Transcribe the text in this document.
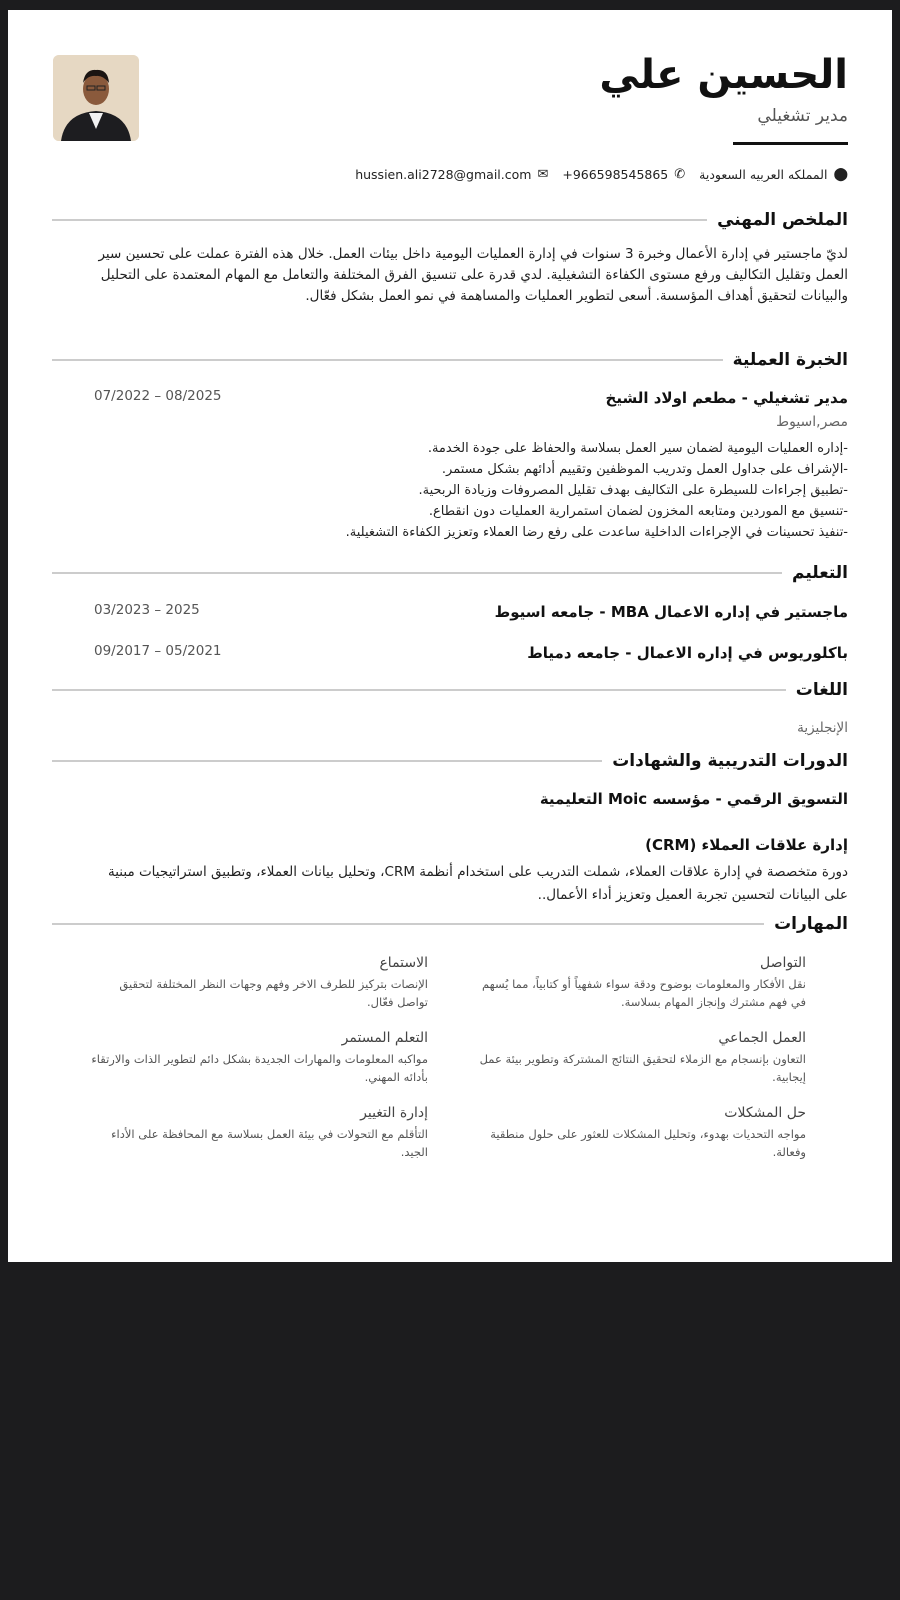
الحسين علي
مدير تشغيلي
⬤
المملكه العربيه السعودية
✆
+966598545865
✉
hussien.ali2728@gmail.com
الملخص المهني
لديّ ماجستير في إدارة الأعمال وخبرة 3 سنوات في إدارة العمليات اليومية داخل بيئات العمل. خلال هذه الفترة عملت على تحسين سير العمل وتقليل التكاليف ورفع مستوى الكفاءة التشغيلية. لدي قدرة على تنسيق الفرق المختلفة والتعامل مع المهام المعتمدة على التحليل والبيانات لتحقيق أهداف المؤسسة. أسعى لتطوير العمليات والمساهمة في نمو العمل بشكل فعّال.
الخبرة العملية
مدير تشغيلي - مطعم اولاد الشيخ
07/2022 – 08/2025
مصر,اسيوط
-إداره العمليات اليومية لضمان سير العمل بسلاسة والحفاظ على جودة الخدمة.
-الإشراف على جداول العمل وتدريب الموظفين وتقييم أدائهم بشكل مستمر.
-تطبيق إجراءات للسيطرة على التكاليف بهدف تقليل المصروفات وزيادة الربحية.
-تنسيق مع الموردين ومتابعه المخزون لضمان استمرارية العمليات دون انقطاع.
-تنفيذ تحسينات في الإجراءات الداخلية ساعدت على رفع رضا العملاء وتعزيز الكفاءة التشغيلية.
التعليم
ماجستير في إداره الاعمال MBA - جامعه اسيوط
03/2023 – 2025
باكلوريوس في إداره الاعمال - جامعه دمياط
09/2017 – 05/2021
اللغات
الإنجليزية
الدورات التدريبية والشهادات
التسويق الرقمي - مؤسسه Moic التعليمية
إدارة علاقات العملاء (CRM)
دورة متخصصة في إدارة علاقات العملاء، شملت التدريب على استخدام أنظمة CRM، وتحليل بيانات العملاء، وتطبيق استراتيجيات مبنية على البيانات لتحسين تجربة العميل وتعزيز أداء الأعمال..
المهارات
التواصل
نقل الأفكار والمعلومات بوضوح ودقة سواء شفهياً أو كتابياً، مما يُسهم في فهم مشترك وإنجاز المهام بسلاسة.
الاستماع
الإنصات بتركيز للطرف الاخر وفهم وجهات النظر المختلفة لتحقيق تواصل فعّال.
العمل الجماعي
التعاون بإنسجام مع الزملاء لتحقيق النتائج المشتركة وتطوير بيئة عمل إيجابية.
التعلم المستمر
مواكبه المعلومات والمهارات الجديدة بشكل دائم لتطوير الذات والارتقاء بأدائه المهني.
حل المشكلات
مواجه التحديات بهدوء، وتحليل المشكلات للعثور على حلول منطقية وفعالة.
إدارة التغيير
التأقلم مع التحولات في بيئة العمل بسلاسة مع المحافظة على الأداء الجيد.
